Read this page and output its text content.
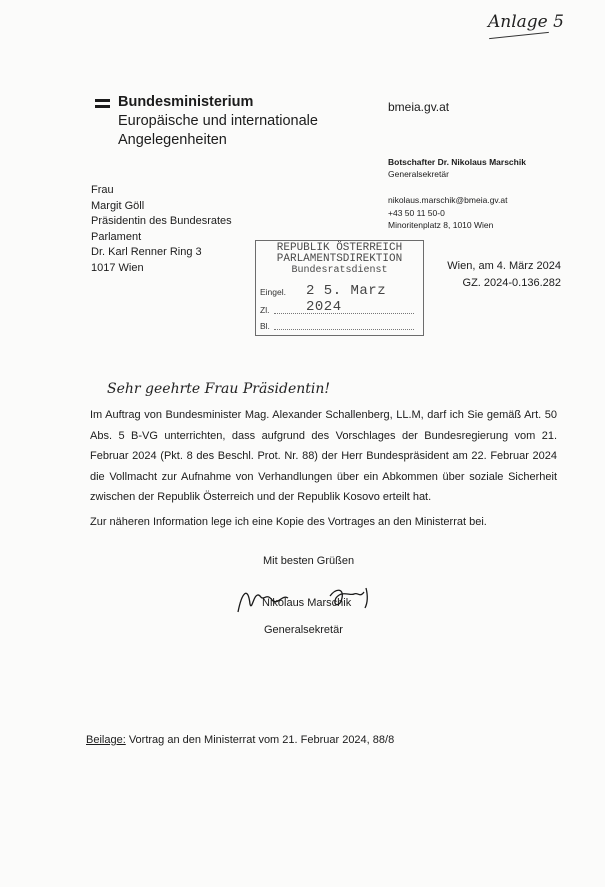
Anlage 5
Bundesministerium
Europäische und internationale
Angelegenheiten
bmeia.gv.at
Botschafter Dr. Nikolaus Marschik
Generalsekretär
nikolaus.marschik@bmeia.gv.at
+43 50 11 50-0
Minoritenplatz 8, 1010 Wien
Frau
Margit Göll
Präsidentin des Bundesrates
Parlament
Dr. Karl Renner Ring 3
1017 Wien
REPUBLIK ÖSTERREICH
PARLAMENTSDIREKTION
Bundesratsdienst
Eingel. 2 5. Marz 2024
Zl.
Bl.
Wien, am 4. März 2024
GZ. 2024-0.136.282
Sehr geehrte Frau Präsidentin!
Im Auftrag von Bundesminister Mag. Alexander Schallenberg, LL.M, darf ich Sie gemäß Art. 50 Abs. 5 B-VG unterrichten, dass aufgrund des Vorschlages der Bundesregierung vom 21. Februar 2024 (Pkt. 8 des Beschl. Prot. Nr. 88) der Herr Bundespräsident am 22. Februar 2024 die Vollmacht zur Aufnahme von Verhandlungen über ein Abkommen über soziale Sicherheit zwischen der Republik Österreich und der Republik Kosovo erteilt hat.
Zur näheren Information lege ich eine Kopie des Vortrages an den Ministerrat bei.
Mit besten Grüßen
Nikolaus Marschik
Generalsekretär
Beilage: Vortrag an den Ministerrat vom 21. Februar 2024, 88/8
